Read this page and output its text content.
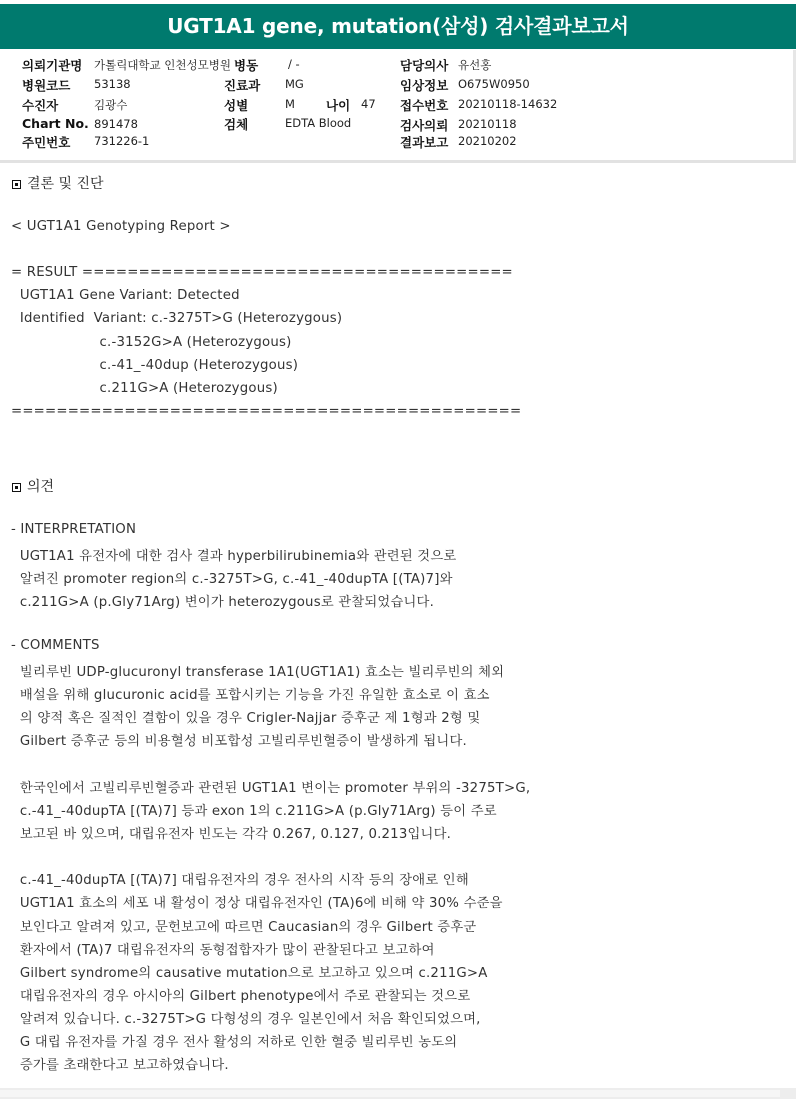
UGT1A1 gene, mutation(삼성) 검사결과보고서
의뢰기관명 가톨릭대학교 인천성모병원
병원코드 53138
수진자	김광수
Chart No. 891478
주민번호 731226-1
병동	/ -
진료과 MG
성별	M 나이 47
검체	EDTA Blood
담당의사 유선홍
임상정보 O675W0950
접수번호 20210118-14632
검사의뢰 20210118
결과보고 20210202
결론 및 진단
< UGT1A1 Genotyping Report >
= RESULT ======================================
UGT1A1 Gene Variant: Detected
Identified  Variant: c.-3275T>G (Heterozygous)
c.-3152G>A (Heterozygous)
c.-41_-40dup (Heterozygous)
c.211G>A (Heterozygous)
=============================================
의견
- INTERPRETATION
UGT1A1 유전자에 대한 검사 결과 hyperbilirubinemia와 관련된 것으로
알려진 promoter region의 c.-3275T>G, c.-41_-40dupTA [(TA)7]와
c.211G>A (p.Gly71Arg) 변이가 heterozygous로 관찰되었습니다.
- COMMENTS
빌리루빈 UDP-glucuronyl transferase 1A1(UGT1A1) 효소는 빌리루빈의 체외
배설을 위해 glucuronic acid를 포합시키는 기능을 가진 유일한 효소로 이 효소
의 양적 혹은 질적인 결함이 있을 경우 Crigler-Najjar 증후군 제 1형과 2형 및
Gilbert 증후군 등의 비용혈성 비포합성 고빌리루빈혈증이 발생하게 됩니다.
한국인에서 고빌리루빈혈증과 관련된 UGT1A1 변이는 promoter 부위의 -3275T>G,
c.-41_-40dupTA [(TA)7] 등과 exon 1의 c.211G>A (p.Gly71Arg) 등이 주로
보고된 바 있으며, 대립유전자 빈도는 각각 0.267, 0.127, 0.213입니다.
c.-41_-40dupTA [(TA)7] 대립유전자의 경우 전사의 시작 등의 장애로 인해
UGT1A1 효소의 세포 내 활성이 정상 대립유전자인 (TA)6에 비해 약 30% 수준을
보인다고 알려져 있고, 문헌보고에 따르면 Caucasian의 경우 Gilbert 증후군
환자에서 (TA)7 대립유전자의 동형접합자가 많이 관찰된다고 보고하여
Gilbert syndrome의 causative mutation으로 보고하고 있으며 c.211G>A
대립유전자의 경우 아시아의 Gilbert phenotype에서 주로 관찰되는 것으로
알려져 있습니다. c.-3275T>G 다형성의 경우 일본인에서 처음 확인되었으며,
G 대립 유전자를 가질 경우 전사 활성의 저하로 인한 혈중 빌리루빈 농도의
증가를 초래한다고 보고하였습니다.
